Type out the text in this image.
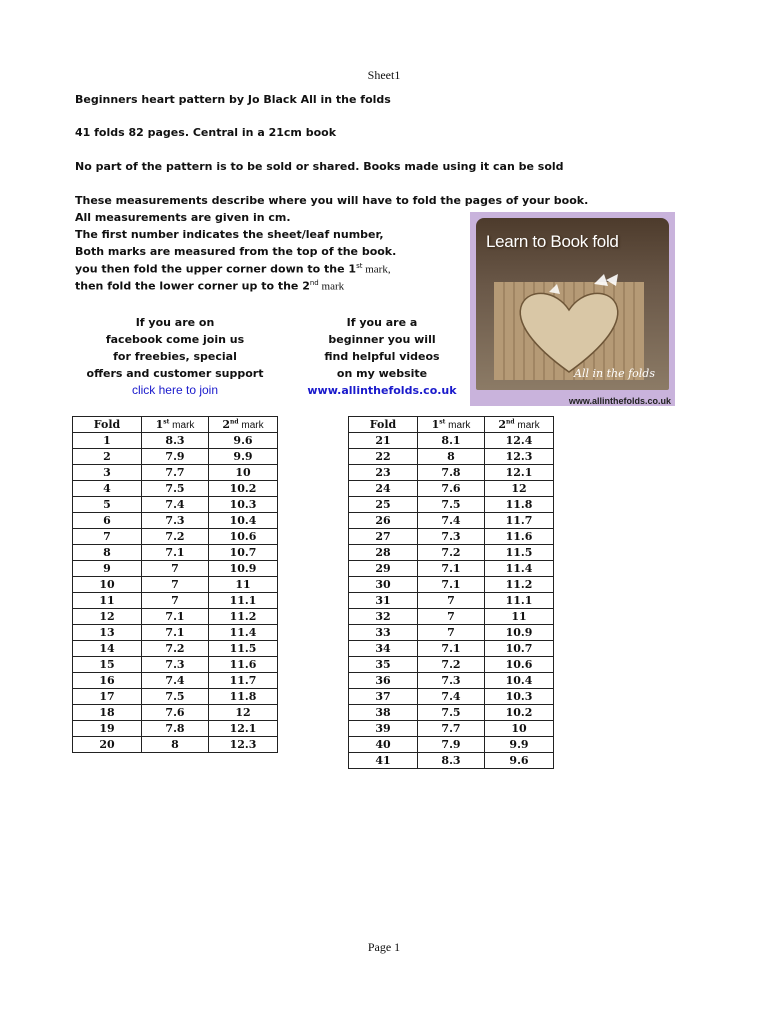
Sheet1
Beginners heart pattern by Jo Black All in the folds
41 folds 82 pages. Central in a 21cm book
No part of the pattern is to be sold or shared. Books made using it can be sold
These measurements describe where you will have to fold the pages of your book.
All measurements are given in cm.
The first number indicates the sheet/leaf number,
Both marks are measured from the top of the book.
you then fold the upper corner down to the 1st mark,
then fold the lower corner up to the 2nd mark
If you are on
facebook come join us
for freebies, special
offers and customer support
click here to join
If you are a
beginner you will
find helpful videos
on my website
www.allinthefolds.co.uk
Learn to Book fold
All in the folds
www.allinthefolds.co.uk
Fold	1st mark	2nd mark
1	8.3	9.6
2	7.9	9.9
3	7.7	10
4	7.5	10.2
5	7.4	10.3
6	7.3	10.4
7	7.2	10.6
8	7.1	10.7
9	7	10.9
10	7	11
11	7	11.1
12	7.1	11.2
13	7.1	11.4
14	7.2	11.5
15	7.3	11.6
16	7.4	11.7
17	7.5	11.8
18	7.6	12
19	7.8	12.1
20	8	12.3
Fold	1st mark	2nd mark
21	8.1	12.4
22	8	12.3
23	7.8	12.1
24	7.6	12
25	7.5	11.8
26	7.4	11.7
27	7.3	11.6
28	7.2	11.5
29	7.1	11.4
30	7.1	11.2
31	7	11.1
32	7	11
33	7	10.9
34	7.1	10.7
35	7.2	10.6
36	7.3	10.4
37	7.4	10.3
38	7.5	10.2
39	7.7	10
40	7.9	9.9
41	8.3	9.6
Page 1
